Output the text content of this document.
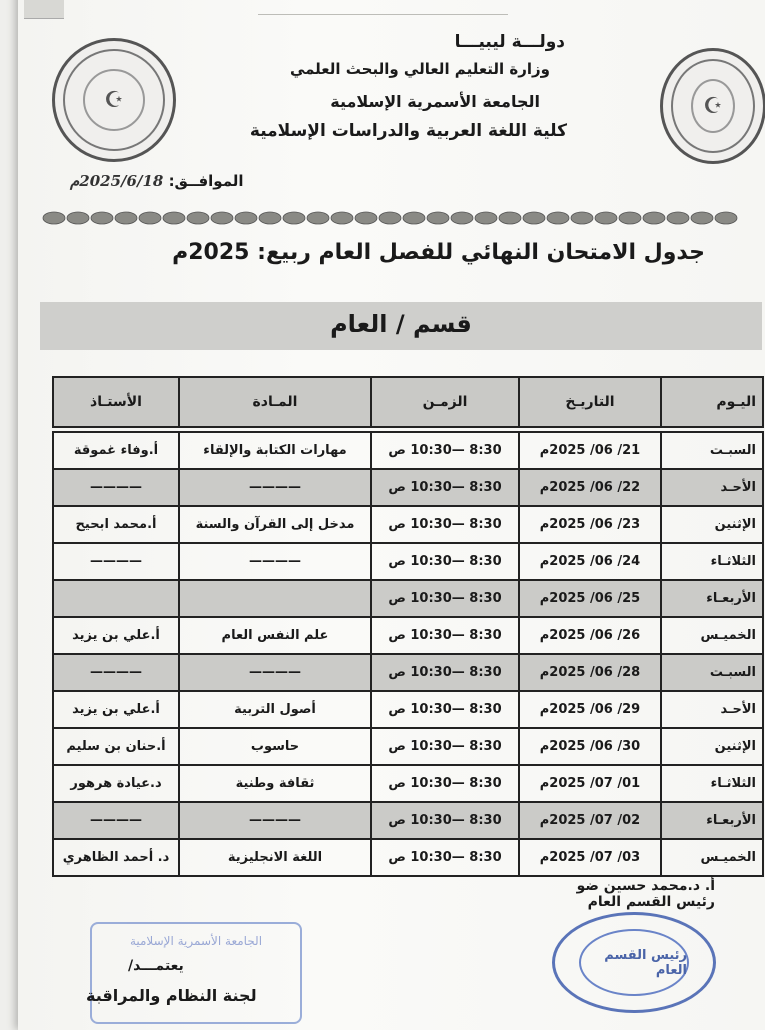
☪	☪
دولـــة ليبيـــا
وزارة التعليم العالي والبحث العلمي
الجامعة الأسمرية الإسلامية
كلية اللغة العربية والدراسات الإسلامية
الموافــق: 2025/6/18م
جدول الامتحان النهائي للفصل العام ربيع: 2025م
قسم / العام
اليـوم	التاريـخ	الزمـن	المـادة	الأستـاذ

السبـت	21/ 06/ 2025م	8:30 —10:30 ص	مهارات الكتابة والإلقاء	أ.وفاء غموقة
الأحـد	22/ 06/ 2025م	8:30 —10:30 ص	————	————
الإثنين	23/ 06/ 2025م	8:30 —10:30 ص	مدخل إلى القرآن والسنة	أ.محمد ابحيح
الثلاثـاء	24/ 06/ 2025م	8:30 —10:30 ص	————	————
الأربعـاء	25/ 06/ 2025م	8:30 —10:30 ص		
الخميـس	26/ 06/ 2025م	8:30 —10:30 ص	علم النفس العام	أ.علي بن يزيد
السبـت	28/ 06/ 2025م	8:30 —10:30 ص	————	————
الأحـد	29/ 06/ 2025م	8:30 —10:30 ص	أصول التربية	أ.علي بن يزيد
الإثنين	30/ 06/ 2025م	8:30 —10:30 ص	حاسوب	أ.حنان بن سليم
الثلاثـاء	01/ 07/ 2025م	8:30 —10:30 ص	ثقافة وطنية	د.عيادة هرهور
الأربعـاء	02/ 07/ 2025م	8:30 —10:30 ص	————	————
الخميـس	03/ 07/ 2025م	8:30 —10:30 ص	اللغة الانجليزية	د. أحمد الظاهري
أ. د.محمد حسين ضو
رئيس القسم العام
رئيس القسم العام
الجامعة الأسمرية الإسلامية
يعتمـــد/
لجنة النظام والمراقبة
